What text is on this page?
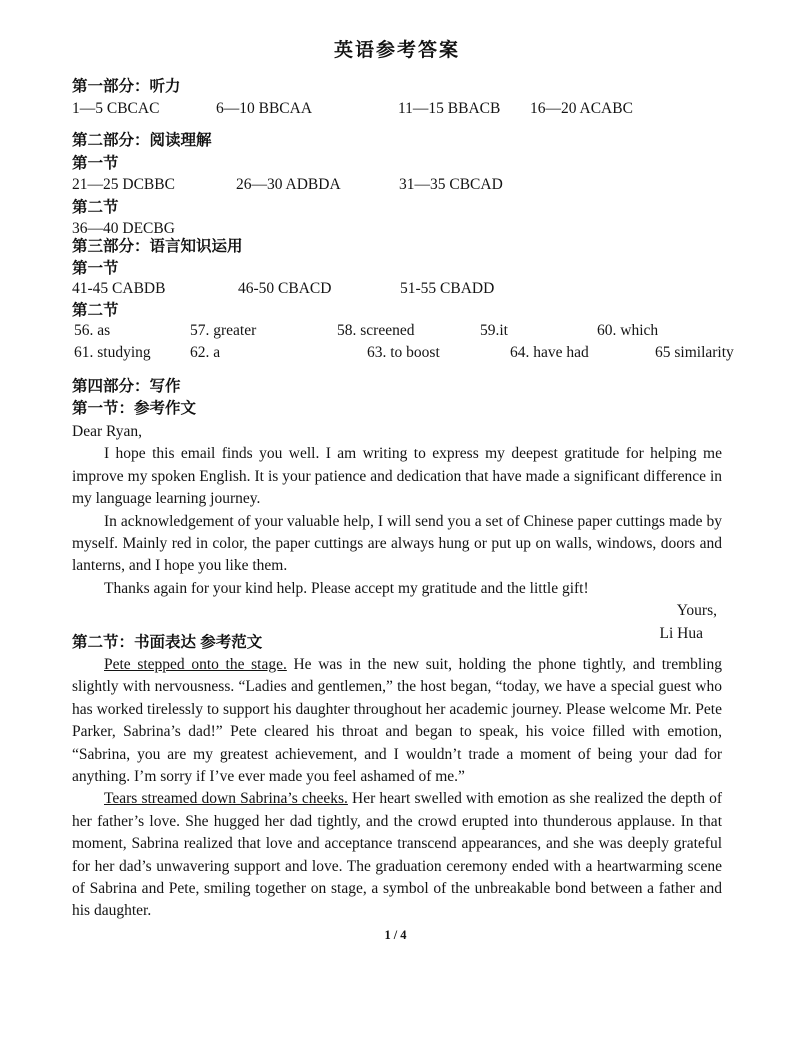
英语参考答案
第一部分：听力
1—5 CBCAC	6—10 BBCAA	11—15 BBACB 16—20 ACABC
第二部分：阅读理解
第一节
21—25 DCBBC	26—30 ADBDA	31—35 CBCAD
第二节
36—40 DECBG
第三部分：语言知识运用
第一节
41-45 CABDB	46-50 CBACD	51-55 CBADD
第二节
56. as	57. greater	58. screened	59.it	60. which
61. studying	62. a	63. to boost	64. have had	65 similarity
第四部分：写作
第一节：参考作文

Dear Ryan,

I hope this email finds you well. I am writing to express my deepest gratitude for helping me improve my spoken English. It is your patience and dedication that have made a significant difference in my language learning journey.

In acknowledgement of your valuable help, I will send you a set of Chinese paper cuttings made by myself. Mainly red in color, the paper cuttings are always hung or put up on walls, windows, doors and lanterns, and I hope you like them.

Thanks again for your kind help. Please accept my gratitude and the little gift!

Yours,

Li Hua

第二节：书面表达 参考范文

Pete stepped onto the stage. He was in the new suit, holding the phone tightly, and trembling slightly with nervousness. “Ladies and gentlemen,” the host began, “today, we have a special guest who has worked tirelessly to support his daughter throughout her academic journey. Please welcome Mr. Pete Parker, Sabrina’s dad!” Pete cleared his throat and began to speak, his voice filled with emotion, “Sabrina, you are my greatest achievement, and I wouldn’t trade a moment of being your dad for anything. I’m sorry if I’ve ever made you feel ashamed of me.”

Tears streamed down Sabrina’s cheeks. Her heart swelled with emotion as she realized the depth of her father’s love. She hugged her dad tightly, and the crowd erupted into thunderous applause. In that moment, Sabrina realized that love and acceptance transcend appearances, and she was deeply grateful for her dad’s unwavering support and love. The graduation ceremony ended with a heartwarming scene of Sabrina and Pete, smiling together on stage, a symbol of the unbreakable bond between a father and his daughter.

1/4
